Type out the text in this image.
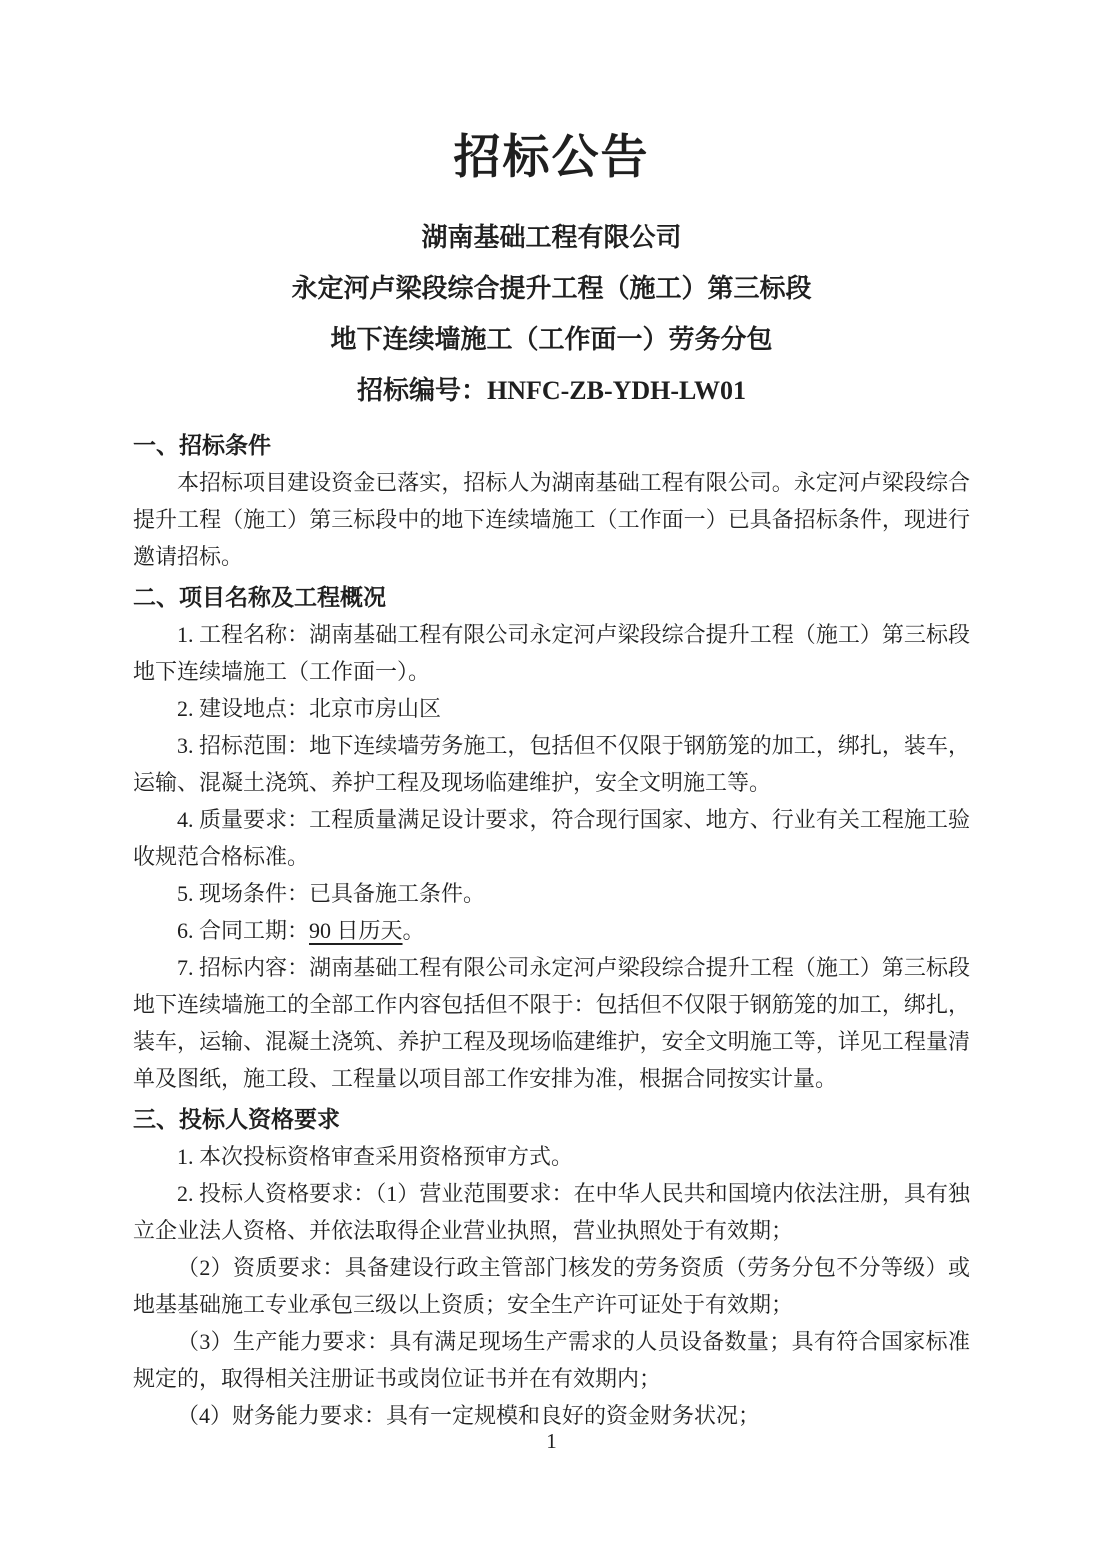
招标公告

湖南基础工程有限公司

永定河卢梁段综合提升工程（施工）第三标段

地下连续墙施工（工作面一）劳务分包

招标编号：HNFC-ZB-YDH-LW01

一、招标条件

本招标项目建设资金已落实，招标人为湖南基础工程有限公司。永定河卢梁段综合提升工程（施工）第三标段中的地下连续墙施工（工作面一）已具备招标条件，现进行邀请招标。

二、项目名称及工程概况

1. 工程名称：湖南基础工程有限公司永定河卢梁段综合提升工程（施工）第三标段地下连续墙施工（工作面一）。

2. 建设地点：北京市房山区

3. 招标范围：地下连续墙劳务施工，包括但不仅限于钢筋笼的加工，绑扎，装车，运输、混凝土浇筑、养护工程及现场临建维护，安全文明施工等。

4. 质量要求：工程质量满足设计要求，符合现行国家、地方、行业有关工程施工验收规范合格标准。

5. 现场条件：已具备施工条件。

6. 合同工期：90 日历天。

7. 招标内容：湖南基础工程有限公司永定河卢梁段综合提升工程（施工）第三标段地下连续墙施工的全部工作内容包括但不限于：包括但不仅限于钢筋笼的加工，绑扎，装车，运输、混凝土浇筑、养护工程及现场临建维护，安全文明施工等，详见工程量清单及图纸，施工段、工程量以项目部工作安排为准，根据合同按实计量。

三、投标人资格要求

1. 本次投标资格审查采用资格预审方式。

2. 投标人资格要求：（1）营业范围要求：在中华人民共和国境内依法注册，具有独立企业法人资格、并依法取得企业营业执照，营业执照处于有效期；

（2）资质要求：具备建设行政主管部门核发的劳务资质（劳务分包不分等级）或地基基础施工专业承包三级以上资质；安全生产许可证处于有效期；

（3）生产能力要求：具有满足现场生产需求的人员设备数量；具有符合国家标准规定的，取得相关注册证书或岗位证书并在有效期内；

（4）财务能力要求：具有一定规模和良好的资金财务状况；

1
